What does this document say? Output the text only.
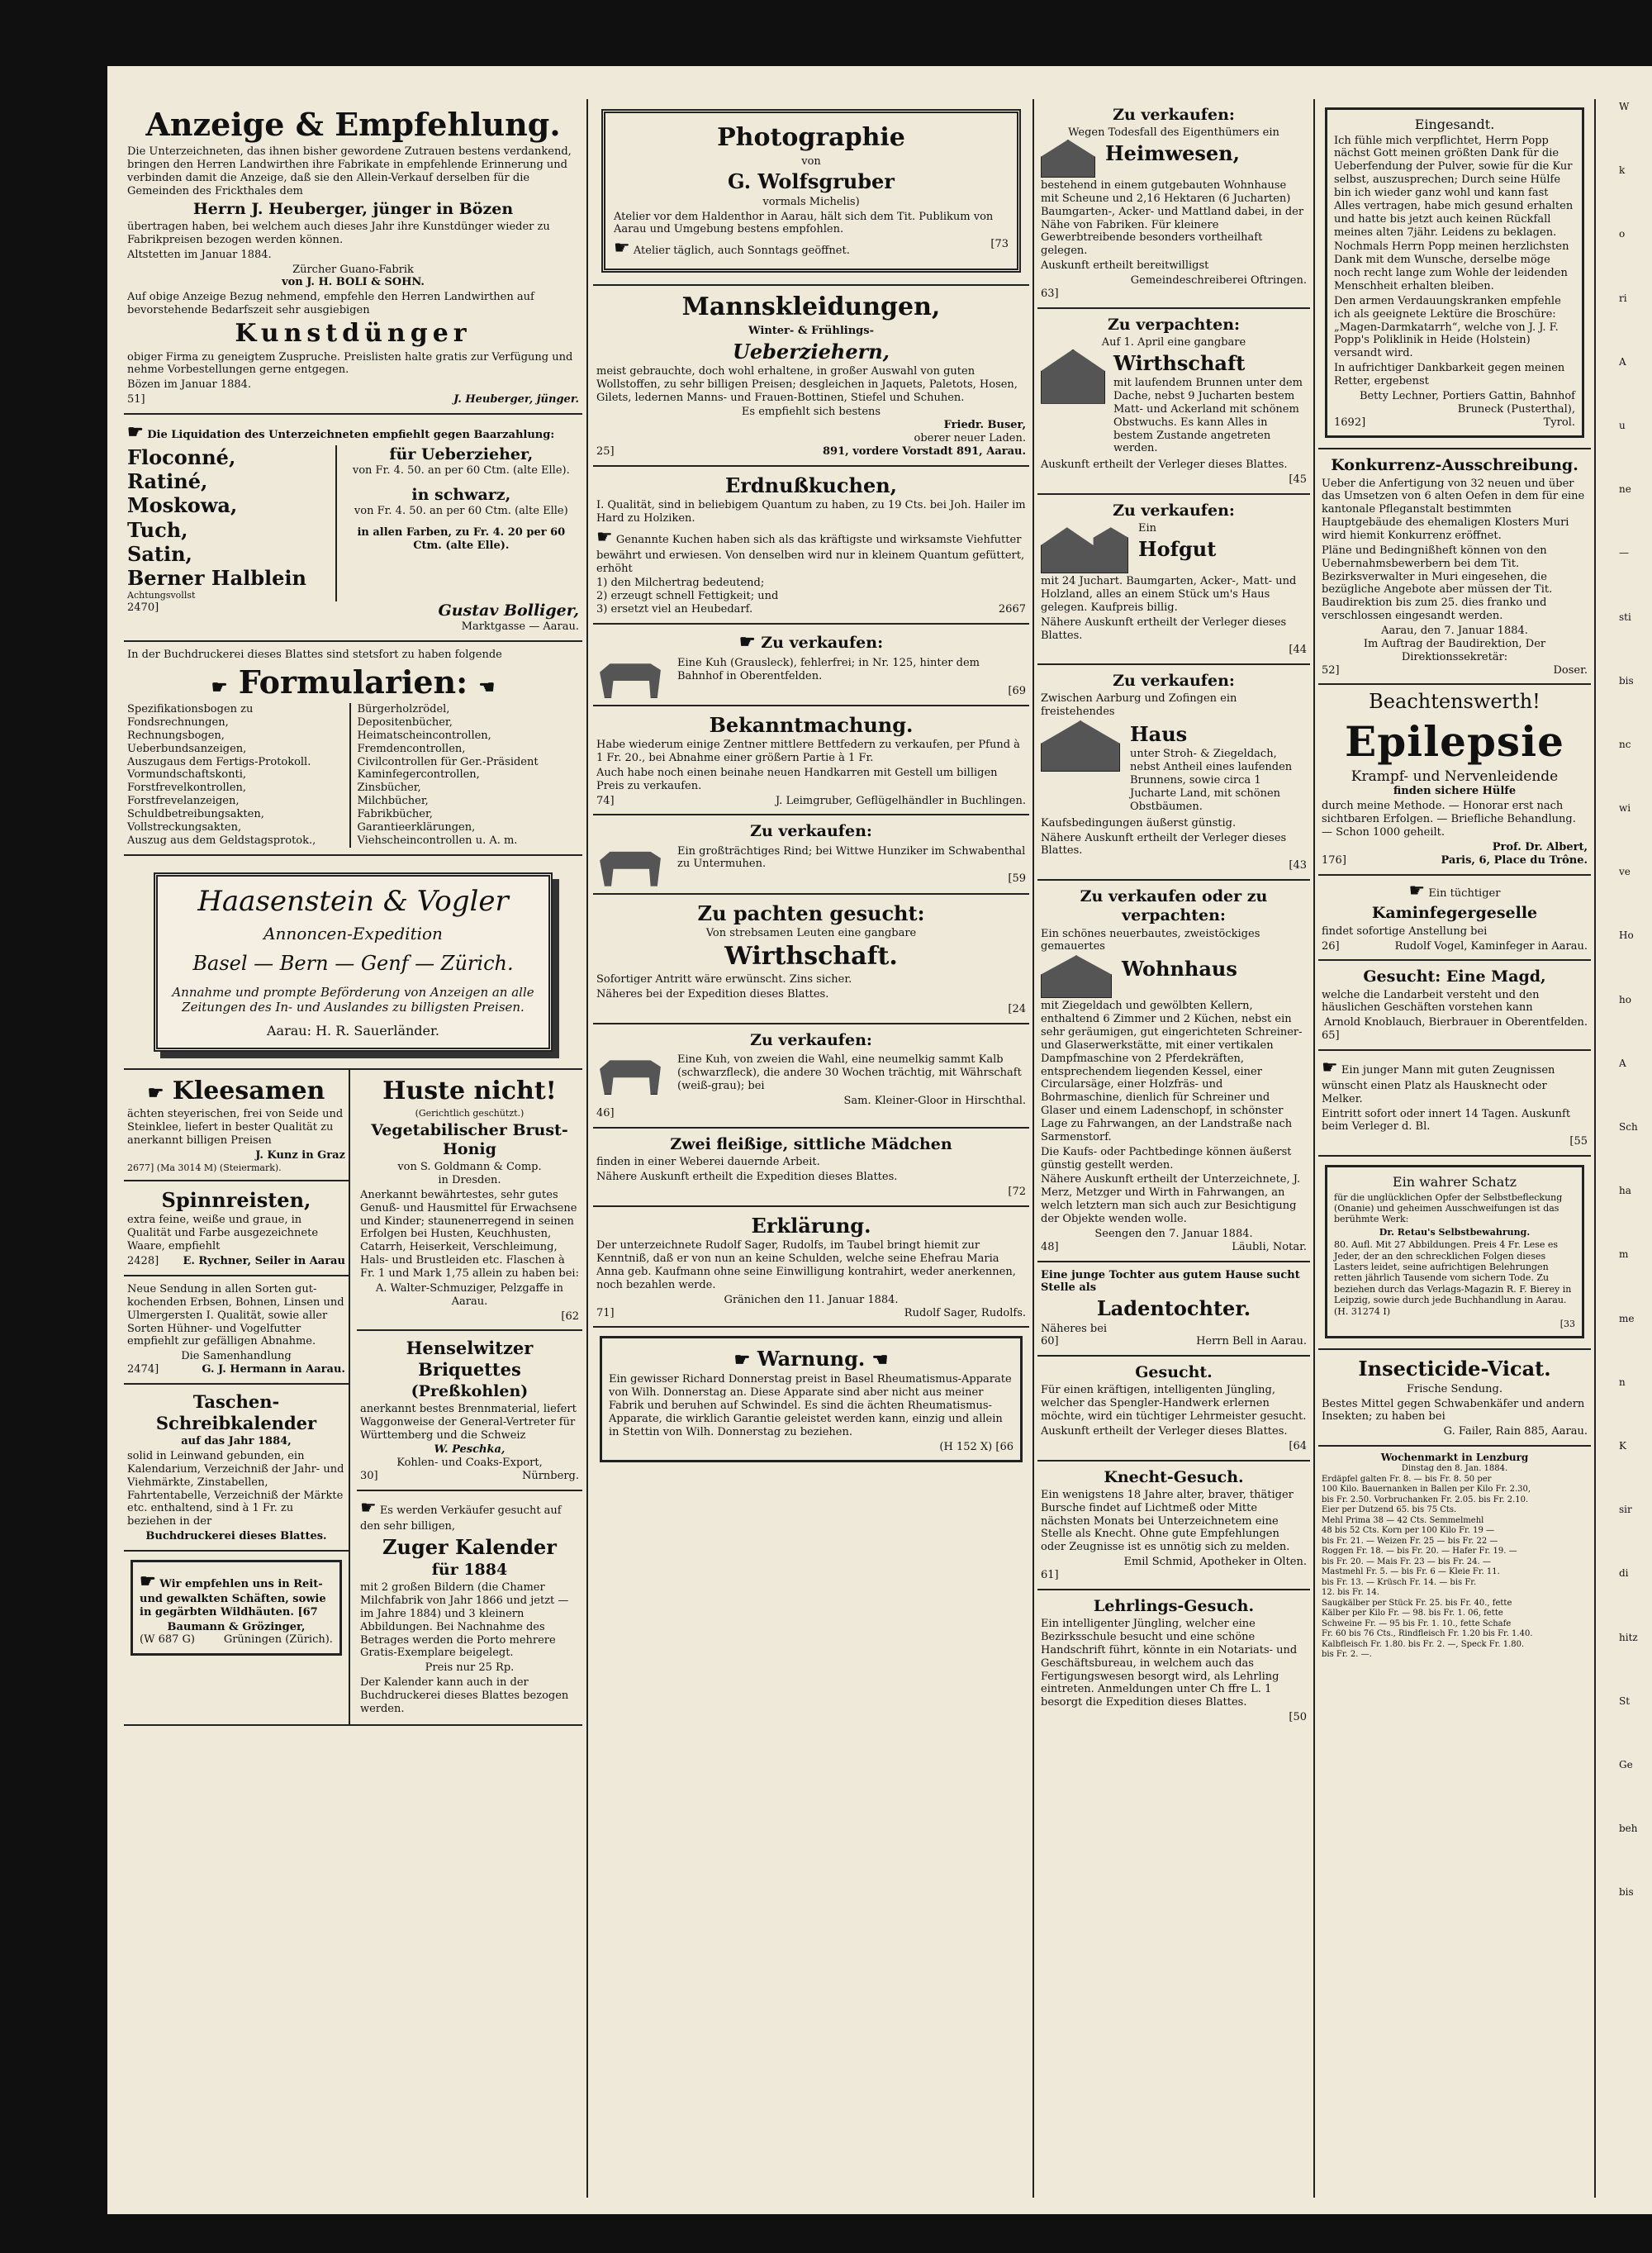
Anzeige & Empfehlung.

Die Unterzeichneten, das ihnen bisher gewordene Zutrauen bestens verdankend, bringen den Herren Landwirthen ihre Fabrikate in empfehlende Erinnerung und verbinden damit die Anzeige, daß sie den Allein-Verkauf derselben für die Gemeinden des Frickthales dem

Herrn J. Heuberger, jünger in Bözen

übertragen haben, bei welchem auch dieses Jahr ihre Kunstdünger wieder zu Fabrikpreisen bezogen werden können.

Altstetten im Januar 1884.

Zürcher Guano-Fabrik
von J. H. BOLI & SOHN.

Auf obige Anzeige Bezug nehmend, empfehle den Herren Landwirthen auf bevorstehende Bedarfszeit sehr ausgiebigen

Kunstdünger

obiger Firma zu geneigtem Zuspruche. Preislisten halte gratis zur Verfügung und nehme Vorbestellungen gerne entgegen.

Bözen im Januar 1884.

51]	J. Heuberger, jünger.

☛ Die Liquidation des Unterzeichneten empfiehlt gegen Baarzahlung:

Floconné,
Ratiné,
Moskowa,
Tuch,
Satin,
Berner Halblein
Achtungsvollst
für Ueberzieher,
von Fr. 4. 50. an per 60 Ctm. (alte Elle).
in schwarz,
von Fr. 4. 50. an per 60 Ctm. (alte Elle)
in allen Farben, zu Fr. 4. 20 per 60 Ctm. (alte Elle).
2470]	Gustav Bolliger,
Marktgasse — Aarau.

In der Buchdruckerei dieses Blattes sind stetsfort zu haben folgende

☛ Formularien: ☚
Spezifikationsbogen zu Fondsrechnungen,
Rechnungsbogen,
Ueberbundsanzeigen,
Auszugaus dem Fertigs-Protokoll.
Vormundschaftskonti,
Forstfrevelkontrollen,
Forstfrevelanzeigen,
Schuldbetreibungsakten,
Vollstreckungsakten,
Auszug aus dem Geldstagsprotok.,
Bürgerholzrödel,
Depositenbücher,
Heimatscheincontrollen,
Fremdencontrollen,
Civilcontrollen für Ger.-Präsident
Kaminfegercontrollen,
Zinsbücher,
Milchbücher,
Fabrikbücher,
Garantieerklärungen,
Viehscheincontrollen u. A. m.
Haasenstein & Vogler
Annoncen-Expedition
Basel — Bern — Genf — Zürich.
Annahme und prompte Beförderung von Anzeigen an alle Zeitungen des In- und Auslandes zu billigsten Preisen.
Aarau: H. R. Sauerländer.
☛ Kleesamen

ächten steyerischen, frei von Seide und Steinklee, liefert in bester Qualität zu anerkannt billigen Preisen

J. Kunz in Graz
2677] (Ma 3014 M) (Steiermark).
Spinnreisten,

extra feine, weiße und graue, in Qualität und Farbe ausgezeichnete Waare, empfiehlt

2428] E. Rychner, Seiler in Aarau

Neue Sendung in allen Sorten gut-kochenden Erbsen, Bohnen, Linsen und Ulmergersten I. Qualität, sowie aller Sorten Hühner- und Vogelfutter empfiehlt zur gefälligen Abnahme.

Die Samenhandlung
2474]	G. J. Hermann in Aarau.
Taschen-Schreibkalender
auf das Jahr 1884,

solid in Leinwand gebunden, ein Kalendarium, Verzeichniß der Jahr- und Viehmärkte, Zinstabellen, Fahrtentabelle, Verzeichniß der Märkte etc. enthaltend, sind à 1 Fr. zu beziehen in der

Buchdruckerei dieses Blattes.

☛ Wir empfehlen uns in Reit- und gewalkten Schäften, sowie in gegärbten Wildhäuten. [67

Baumann & Grözinger,
(W 687 G)	Grüningen (Zürich).
Huste nicht!
(Gerichtlich geschützt.)
Vegetabilischer Brust-Honig
von S. Goldmann & Comp.
in Dresden.

Anerkannt bewährtestes, sehr gutes Genuß- und Hausmittel für Erwachsene und Kinder; staunenerregend in seinen Erfolgen bei Husten, Keuchhusten, Catarrh, Heiserkeit, Verschleimung, Hals- und Brustleiden etc. Flaschen à Fr. 1 und Mark 1,75 allein zu haben bei:

A. Walter-Schmuziger, Pelzgaffe in Aarau.

[62
Henselwitzer Briquettes
(Preßkohlen)

anerkannt bestes Brennmaterial, liefert Waggonweise der General-Vertreter für Württemberg und die Schweiz

W. Peschka,
Kohlen- und Coaks-Export,
30]	Nürnberg.

☛ Es werden Verkäufer gesucht auf den sehr billigen,

Zuger Kalender
für 1884

mit 2 großen Bildern (die Chamer Milchfabrik von Jahr 1866 und jetzt — im Jahre 1884) und 3 kleinern Abbildungen. Bei Nachnahme des Betrages werden die Porto mehrere Gratis-Exemplare beigelegt.

Preis nur 25 Rp.

Der Kalender kann auch in der Buchdruckerei dieses Blattes bezogen werden.

Photographie
von
G. Wolfsgruber
vormals Michelis)

Atelier vor dem Haldenthor in Aarau, hält sich dem Tit. Publikum von Aarau und Umgebung bestens empfohlen.

☛ Atelier täglich, auch Sonntags geöffnet.
[73
Mannskleidungen,
Winter- & Frühlings-
Ueberziehern,

meist gebrauchte, doch wohl erhaltene, in großer Auswahl von guten Wollstoffen, zu sehr billigen Preisen; desgleichen in Jaquets, Paletots, Hosen, Gilets, ledernen Manns- und Frauen-Bottinen, Stiefel und Schuhen.

Es empfiehlt sich bestens
Friedr. Buser,
oberer neuer Laden.
25]	891, vordere Vorstadt 891, Aarau.
Erdnußkuchen,

I. Qualität, sind in beliebigem Quantum zu haben, zu 19 Cts. bei Joh. Hailer im Hard zu Holziken.

☛ Genannte Kuchen haben sich als das kräftigste und wirksamste Viehfutter bewährt und erwiesen. Von denselben wird nur in kleinem Quantum gefüttert, erhöht

1) den Milchertrag bedeutend;
2) erzeugt schnell Fettigkeit; und
3) ersetzt viel an Heubedarf.	2667
☛ Zu verkaufen:

Eine Kuh (Grausleck), fehlerfrei; in Nr. 125, hinter dem Bahnhof in Oberentfelden.

[69
Bekanntmachung.

Habe wiederum einige Zentner mittlere Bettfedern zu verkaufen, per Pfund à 1 Fr. 20., bei Abnahme einer größern Partie à 1 Fr.

Auch habe noch einen beinahe neuen Handkarren mit Gestell um billigen Preis zu verkaufen.

74]	J. Leimgruber, Geflügelhändler in Buchlingen.
Zu verkaufen:

Ein großträchtiges Rind; bei Wittwe Hunziker im Schwabenthal zu Untermuhen.

[59
Zu pachten gesucht:
Von strebsamen Leuten eine gangbare
Wirthschaft.

Sofortiger Antritt wäre erwünscht. Zins sicher.

Näheres bei der Expedition dieses Blattes.

[24
Zu verkaufen:

Eine Kuh, von zweien die Wahl, eine neumelkig sammt Kalb (schwarzfleck), die andere 30 Wochen trächtig, mit Währschaft (weiß-grau); bei

Sam. Kleiner-Gloor in Hirschthal.
46]
Zwei fleißige, sittliche Mädchen

finden in einer Weberei dauernde Arbeit.

Nähere Auskunft ertheilt die Expedition dieses Blattes.

[72
Erklärung.

Der unterzeichnete Rudolf Sager, Rudolfs, im Taubel bringt hiemit zur Kenntniß, daß er von nun an keine Schulden, welche seine Ehefrau Maria Anna geb. Kaufmann ohne seine Einwilligung kontrahirt, weder anerkennen, noch bezahlen werde.

Gränichen den 11. Januar 1884.
71]	Rudolf Sager, Rudolfs.
☛ Warnung. ☚

Ein gewisser Richard Donnerstag preist in Basel Rheumatismus-Apparate von Wilh. Donnerstag an. Diese Apparate sind aber nicht aus meiner Fabrik und beruhen auf Schwindel. Es sind die ächten Rheumatismus-Apparate, die wirklich Garantie geleistet werden kann, einzig und allein in Stettin von Wilh. Donnerstag zu beziehen.

(H 152 X) [66
Zu verkaufen:
Wegen Todesfall des Eigenthümers ein
Heimwesen,

bestehend in einem gutgebauten Wohnhause mit Scheune und 2,16 Hektaren (6 Jucharten) Baumgarten-, Acker- und Mattland dabei, in der Nähe von Fabriken. Für kleinere Gewerbtreibende besonders vortheilhaft gelegen.

Auskunft ertheilt bereitwilligst

Gemeindeschreiberei Oftringen.
63]
Zu verpachten:
Auf 1. April eine gangbare
Wirthschaft

mit laufendem Brunnen unter dem Dache, nebst 9 Jucharten bestem Matt- und Ackerland mit schönem Obstwuchs. Es kann Alles in bestem Zustande angetreten werden.

Auskunft ertheilt der Verleger dieses Blattes.

[45
Zu verkaufen:
Ein
Hofgut

mit 24 Juchart. Baumgarten, Acker-, Matt- und Holzland, alles an einem Stück um's Haus gelegen. Kaufpreis billig.

Nähere Auskunft ertheilt der Verleger dieses Blattes.

[44
Zu verkaufen:

Zwischen Aarburg und Zofingen ein freistehendes

Haus

unter Stroh- & Ziegeldach, nebst Antheil eines laufenden Brunnens, sowie circa 1 Jucharte Land, mit schönen Obstbäumen.

Kaufsbedingungen äußerst günstig.

Nähere Auskunft ertheilt der Verleger dieses Blattes.

[43
Zu verkaufen oder zu verpachten:

Ein schönes neuerbautes, zweistöckiges gemauertes

Wohnhaus

mit Ziegeldach und gewölbten Kellern, enthaltend 6 Zimmer und 2 Küchen, nebst ein sehr geräumigen, gut eingerichteten Schreiner- und Glaserwerkstätte, mit einer vertikalen Dampfmaschine von 2 Pferdekräften, entsprechendem liegenden Kessel, einer Circularsäge, einer Holzfräs- und Bohrmaschine, dienlich für Schreiner und Glaser und einem Ladenschopf, in schönster Lage zu Fahrwangen, an der Landstraße nach Sarmenstorf.

Die Kaufs- oder Pachtbedinge können äußerst günstig gestellt werden.

Nähere Auskunft ertheilt der Unterzeichnete, J. Merz, Metzger und Wirth in Fahrwangen, an welch letztern man sich auch zur Besichtigung der Objekte wenden wolle.

Seengen den 7. Januar 1884.
48]	Läubli, Notar.

Eine junge Tochter aus gutem Hause sucht Stelle als

Ladentochter.
Näheres bei
60]	Herrn Bell in Aarau.
Gesucht.

Für einen kräftigen, intelligenten Jüngling, welcher das Spengler-Handwerk erlernen möchte, wird ein tüchtiger Lehrmeister gesucht.

Auskunft ertheilt der Verleger dieses Blattes.

[64
Knecht-Gesuch.

Ein wenigstens 18 Jahre alter, braver, thätiger Bursche findet auf Lichtmeß oder Mitte nächsten Monats bei Unterzeichnetem eine Stelle als Knecht. Ohne gute Empfehlungen oder Zeugnisse ist es unnötig sich zu melden.

Emil Schmid, Apotheker in Olten.
61]
Lehrlings-Gesuch.

Ein intelligenter Jüngling, welcher eine Bezirksschule besucht und eine schöne Handschrift führt, könnte in ein Notariats- und Geschäftsbureau, in welchem auch das Fertigungswesen besorgt wird, als Lehrling eintreten. Anmeldungen unter Ch ffre L. 1 besorgt die Expedition dieses Blattes.

[50
Eingesandt.

Ich fühle mich verpflichtet, Herrn Popp nächst Gott meinen größten Dank für die Ueberfendung der Pulver, sowie für die Kur selbst, auszusprechen; Durch seine Hülfe bin ich wieder ganz wohl und kann fast Alles vertragen, habe mich gesund erhalten und hatte bis jetzt auch keinen Rückfall meines alten 7jähr. Leidens zu beklagen.

Nochmals Herrn Popp meinen herzlichsten Dank mit dem Wunsche, derselbe möge noch recht lange zum Wohle der leidenden Menschheit erhalten bleiben.

Den armen Verdauungskranken empfehle ich als geeignete Lektüre die Broschüre: „Magen-Darmkatarrh“, welche von J. J. F. Popp's Poliklinik in Heide (Holstein) versandt wird.

In aufrichtiger Dankbarkeit gegen meinen Retter, ergebenst

Betty Lechner, Portiers Gattin, Bahnhof Bruneck (Pusterthal),
1692]	Tyrol.
Konkurrenz-Ausschreibung.

Ueber die Anfertigung von 32 neuen und über das Umsetzen von 6 alten Oefen in dem für eine kantonale Pfleganstalt bestimmten Hauptgebäude des ehemaligen Klosters Muri wird hiemit Konkurrenz eröffnet.

Pläne und Bedingnißheft können von den Uebernahmsbewerbern bei dem Tit. Bezirksverwalter in Muri eingesehen, die bezügliche Angebote aber müssen der Tit. Baudirektion bis zum 25. dies franko und verschlossen eingesandt werden.

Aarau, den 7. Januar 1884.
Im Auftrag der Baudirektion, Der Direktionssekretär:
52]	Doser.
Beachtenswerth!
Epilepsie
Krampf- und Nervenleidende
finden sichere Hülfe

durch meine Methode. — Honorar erst nach sichtbaren Erfolgen. — Briefliche Behandlung. — Schon 1000 geheilt.

Prof. Dr. Albert,
176]	Paris, 6, Place du Trône.
☛ Ein tüchtiger
Kaminfegergeselle

findet sofortige Anstellung bei

26]	Rudolf Vogel, Kaminfeger in Aarau.
Gesucht: Eine Magd,

welche die Landarbeit versteht und den häuslichen Geschäften vorstehen kann

Arnold Knoblauch, Bierbrauer in Oberentfelden.
65]

☛ Ein junger Mann mit guten Zeugnissen wünscht einen Platz als Hausknecht oder Melker.

Eintritt sofort oder innert 14 Tagen. Auskunft beim Verleger d. Bl.

[55
Ein wahrer Schatz

für die unglücklichen Opfer der Selbstbefleckung (Onanie) und geheimen Ausschweifungen ist das berühmte Werk:

Dr. Retau's Selbstbewahrung.

80. Aufl. Mit 27 Abbildungen. Preis 4 Fr. Lese es Jeder, der an den schrecklichen Folgen dieses Lasters leidet, seine aufrichtigen Belehrungen retten jährlich Tausende vom sichern Tode. Zu beziehen durch das Verlags-Magazin R. F. Bierey in Leipzig, sowie durch jede Buchhandlung in Aarau. (H. 31274 I)

[33
Insecticide-Vicat.
Frische Sendung.

Bestes Mittel gegen Schwabenkäfer und andern Insekten; zu haben bei

G. Failer, Rain 885, Aarau.
Wochenmarkt in Lenzburg
Dinstag den 8. Jan. 1884.
Erdäpfel galten Fr. 8. — bis Fr. 8. 50 per
100 Kilo. Bauernanken in Ballen per Kilo Fr. 2.30,
bis Fr. 2.50. Vorbruchanken Fr. 2.05. bis Fr. 2.10.
Eier per Dutzend 65. bis 75 Cts.
Mehl Prima 38 — 42 Cts. Semmelmehl
48 bis 52 Cts. Korn per 100 Kilo Fr. 19 —
bis Fr. 21. — Weizen Fr. 25 — bis Fr. 22 —
Roggen Fr. 18. — bis Fr. 20. — Hafer Fr. 19. —
bis Fr. 20. — Mais Fr. 23 — bis Fr. 24. —
Mastmehl Fr. 5. — bis Fr. 6 — Kleie Fr. 11.
bis Fr. 13. — Krüsch Fr. 14. — bis Fr.
12. bis Fr. 14.
Saugkälber per Stück Fr. 25. bis Fr. 40., fette
Kälber per Kilo Fr. — 98. bis Fr. 1. 06, fette
Schweine Fr. — 95 bis Fr. 1. 10., fette Schafe
Fr. 60 bis 76 Cts., Rindfleisch Fr. 1.20 bis Fr. 1.40.
Kalbfleisch Fr. 1.80. bis Fr. 2. —, Speck Fr. 1.80.
bis Fr. 2. —.
W
k
o
ri
A
u
ne
—
sti
bis
nc
wi
ve
Ho
ho
A
Sch
ha
m
me
n
K
sir
di
hitz
St
Ge
beh
bis
